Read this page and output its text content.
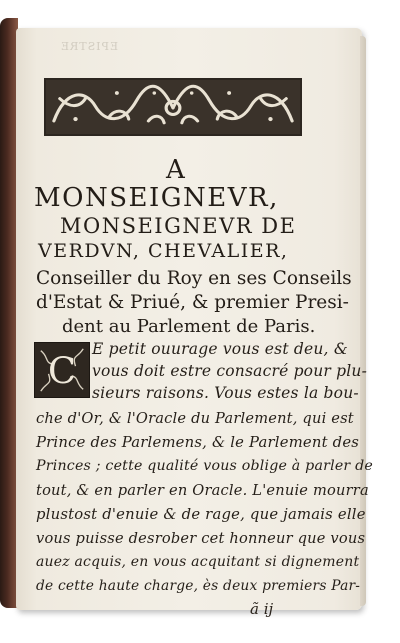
EPISTRE
A
MONSEIGNEVR,
MONSEIGNEVR DE
VERDVN, CHEVALIER,
Conseiller du Roy en ses Conseils
d'Estat & Priué, & premier Presi-
dent au Parlement de Paris.
C
E petit ouurage vous est deu, &
vous doit estre consacré pour plu-
sieurs raisons. Vous estes la bou-
che d'Or, & l'Oracle du Parlement, qui est
Prince des Parlemens, & le Parlement des
Princes ; cette qualité vous oblige à parler de
tout, & en parler en Oracle. L'enuie mourra
plustost d'enuie & de rage, que jamais elle
vous puisse desrober cet honneur que vous
auez acquis, en vous acquitant si dignement
de cette haute charge, ès deux premiers Par-
ã ij
